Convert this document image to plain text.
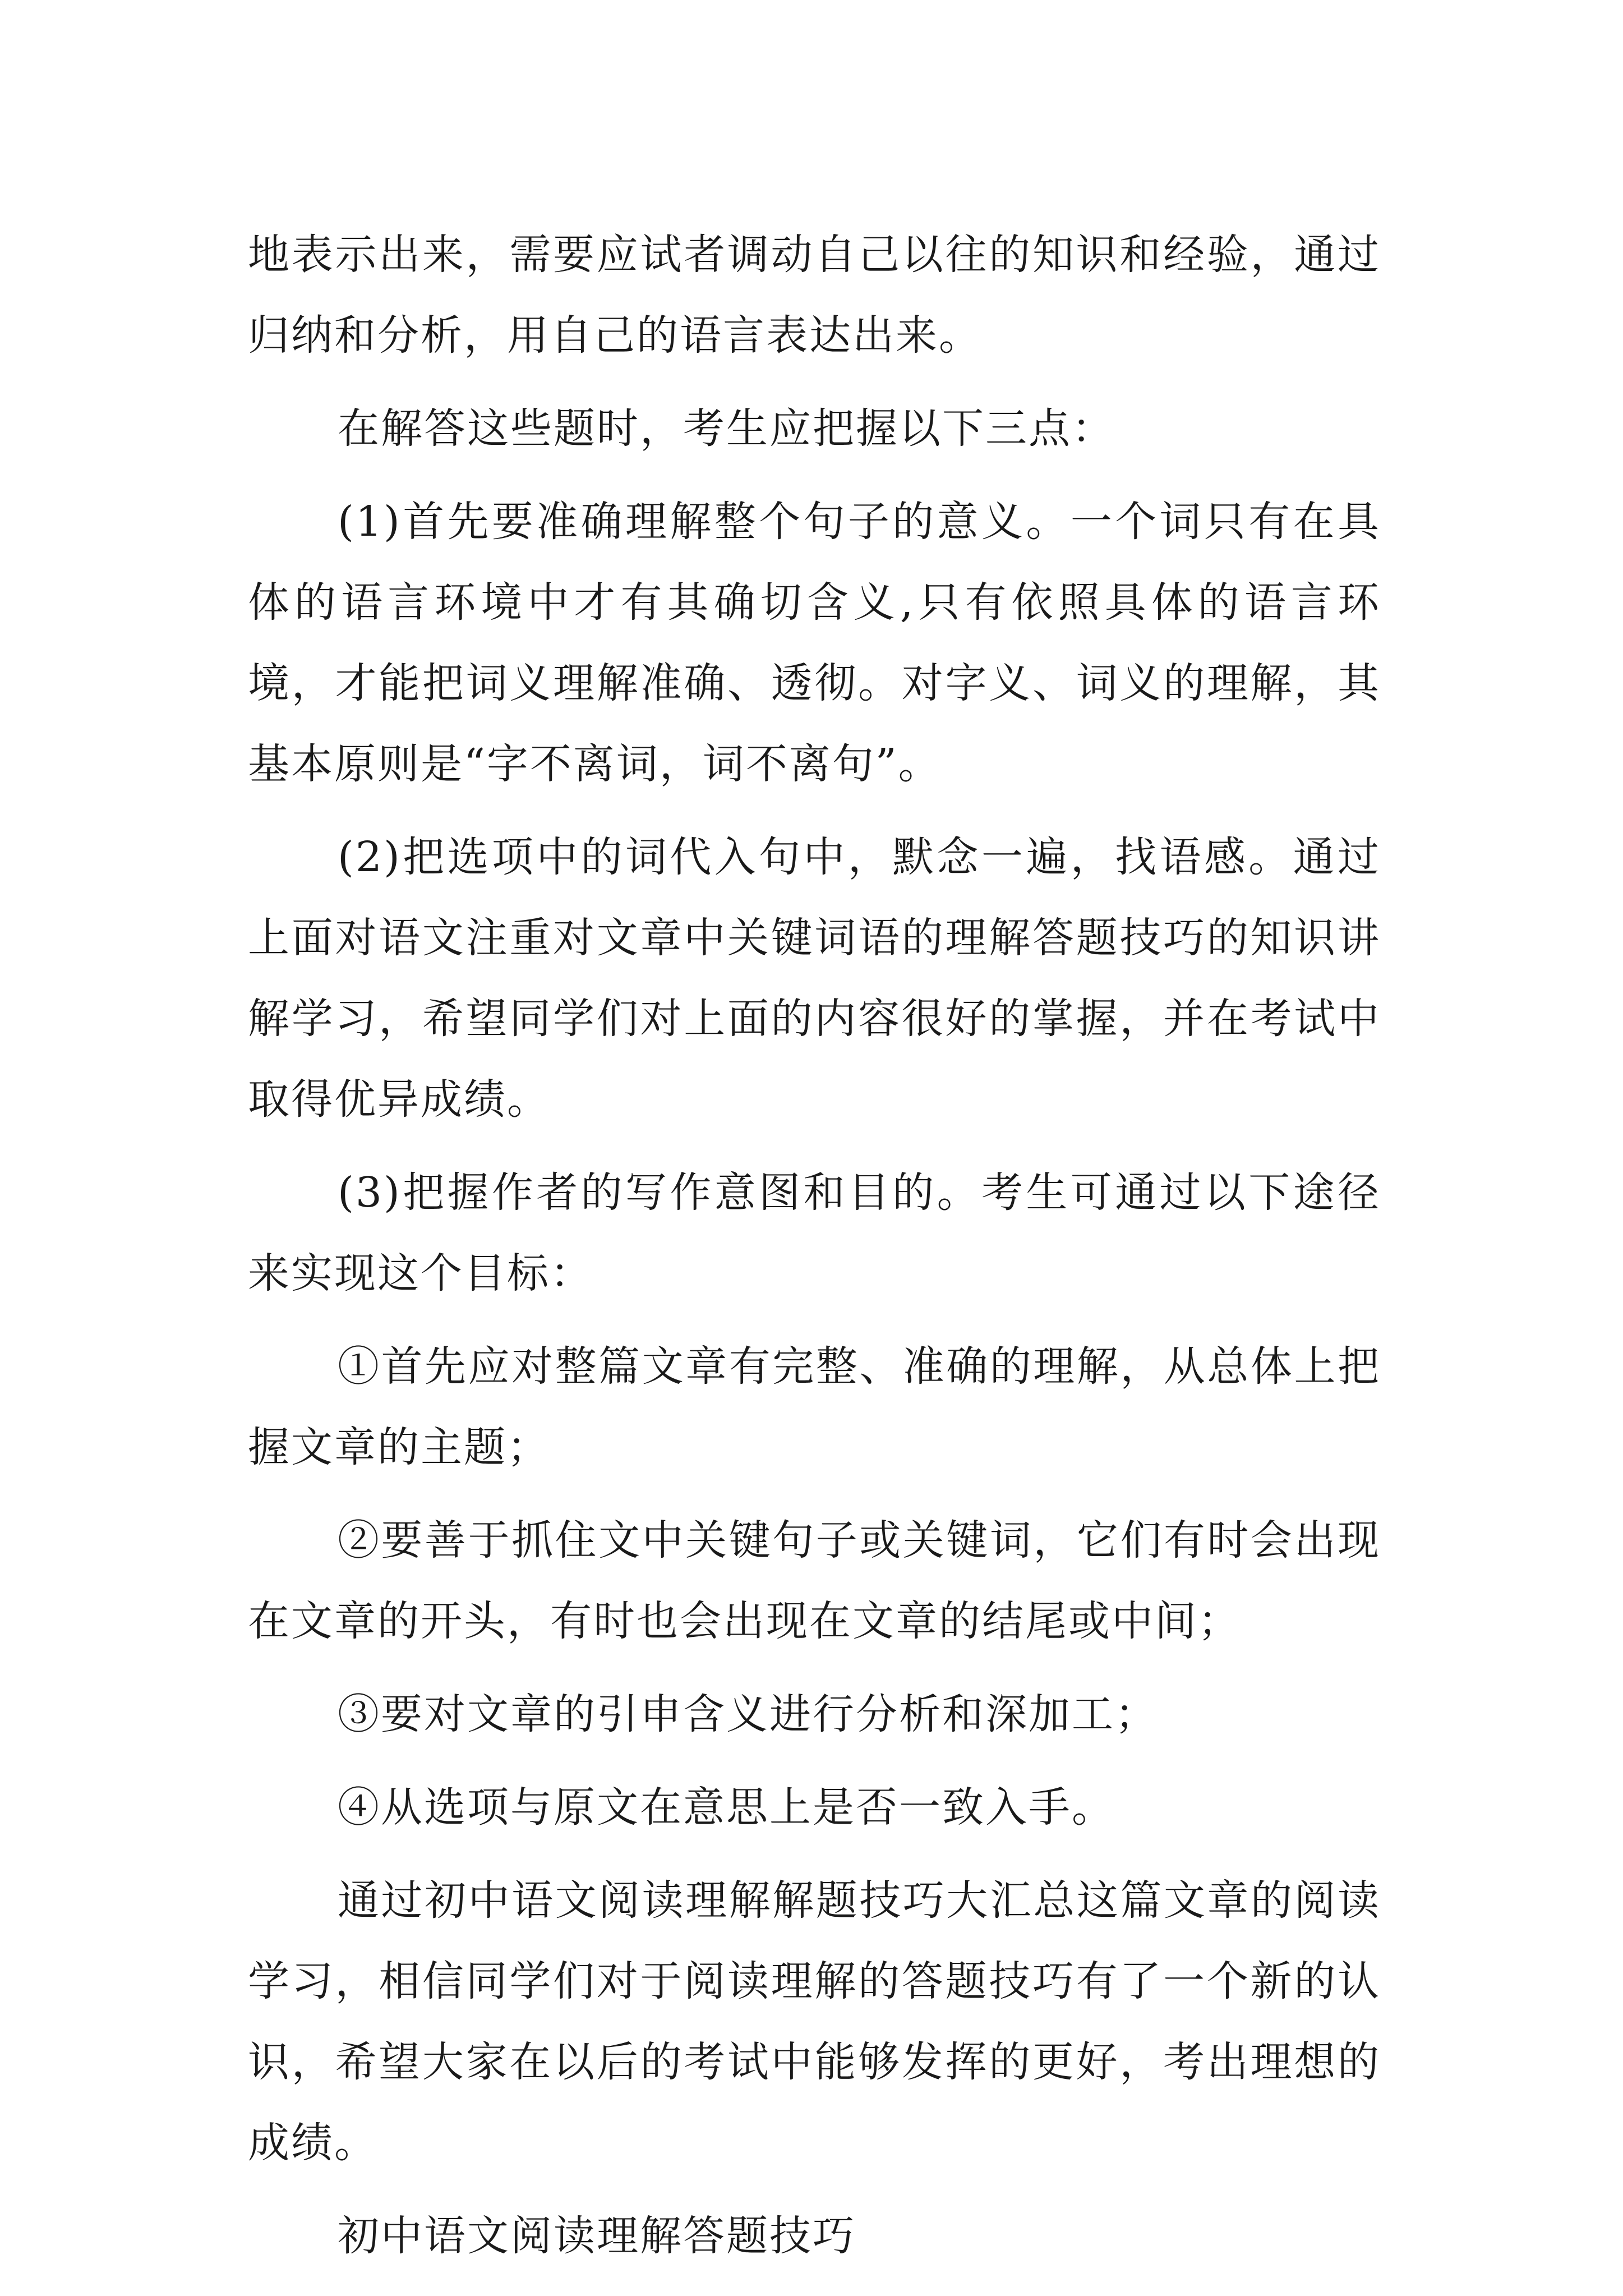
地表示出来，需要应试者调动自己以往的知识和经验，通过归纳和分析，用自己的语言表达出来。

在解答这些题时，考生应把握以下三点：

(1)首先要准确理解整个句子的意义。一个词只有在具体的语言环境中才有其确切含义,只有依照具体的语言环境，才能把词义理解准确、透彻。对字义、词义的理解，其基本原则是“字不离词，词不离句”。

(2)把选项中的词代入句中，默念一遍，找语感。通过上面对语文注重对文章中关键词语的理解答题技巧的知识讲解学习，希望同学们对上面的内容很好的掌握，并在考试中取得优异成绩。

(3)把握作者的写作意图和目的。考生可通过以下途径来实现这个目标：

①首先应对整篇文章有完整、准确的理解，从总体上把握文章的主题；

②要善于抓住文中关键句子或关键词，它们有时会出现在文章的开头，有时也会出现在文章的结尾或中间；

③要对文章的引申含义进行分析和深加工；

④从选项与原文在意思上是否一致入手。

通过初中语文阅读理解解题技巧大汇总这篇文章的阅读学习，相信同学们对于阅读理解的答题技巧有了一个新的认识，希望大家在以后的考试中能够发挥的更好，考出理想的成绩。

初中语文阅读理解答题技巧
